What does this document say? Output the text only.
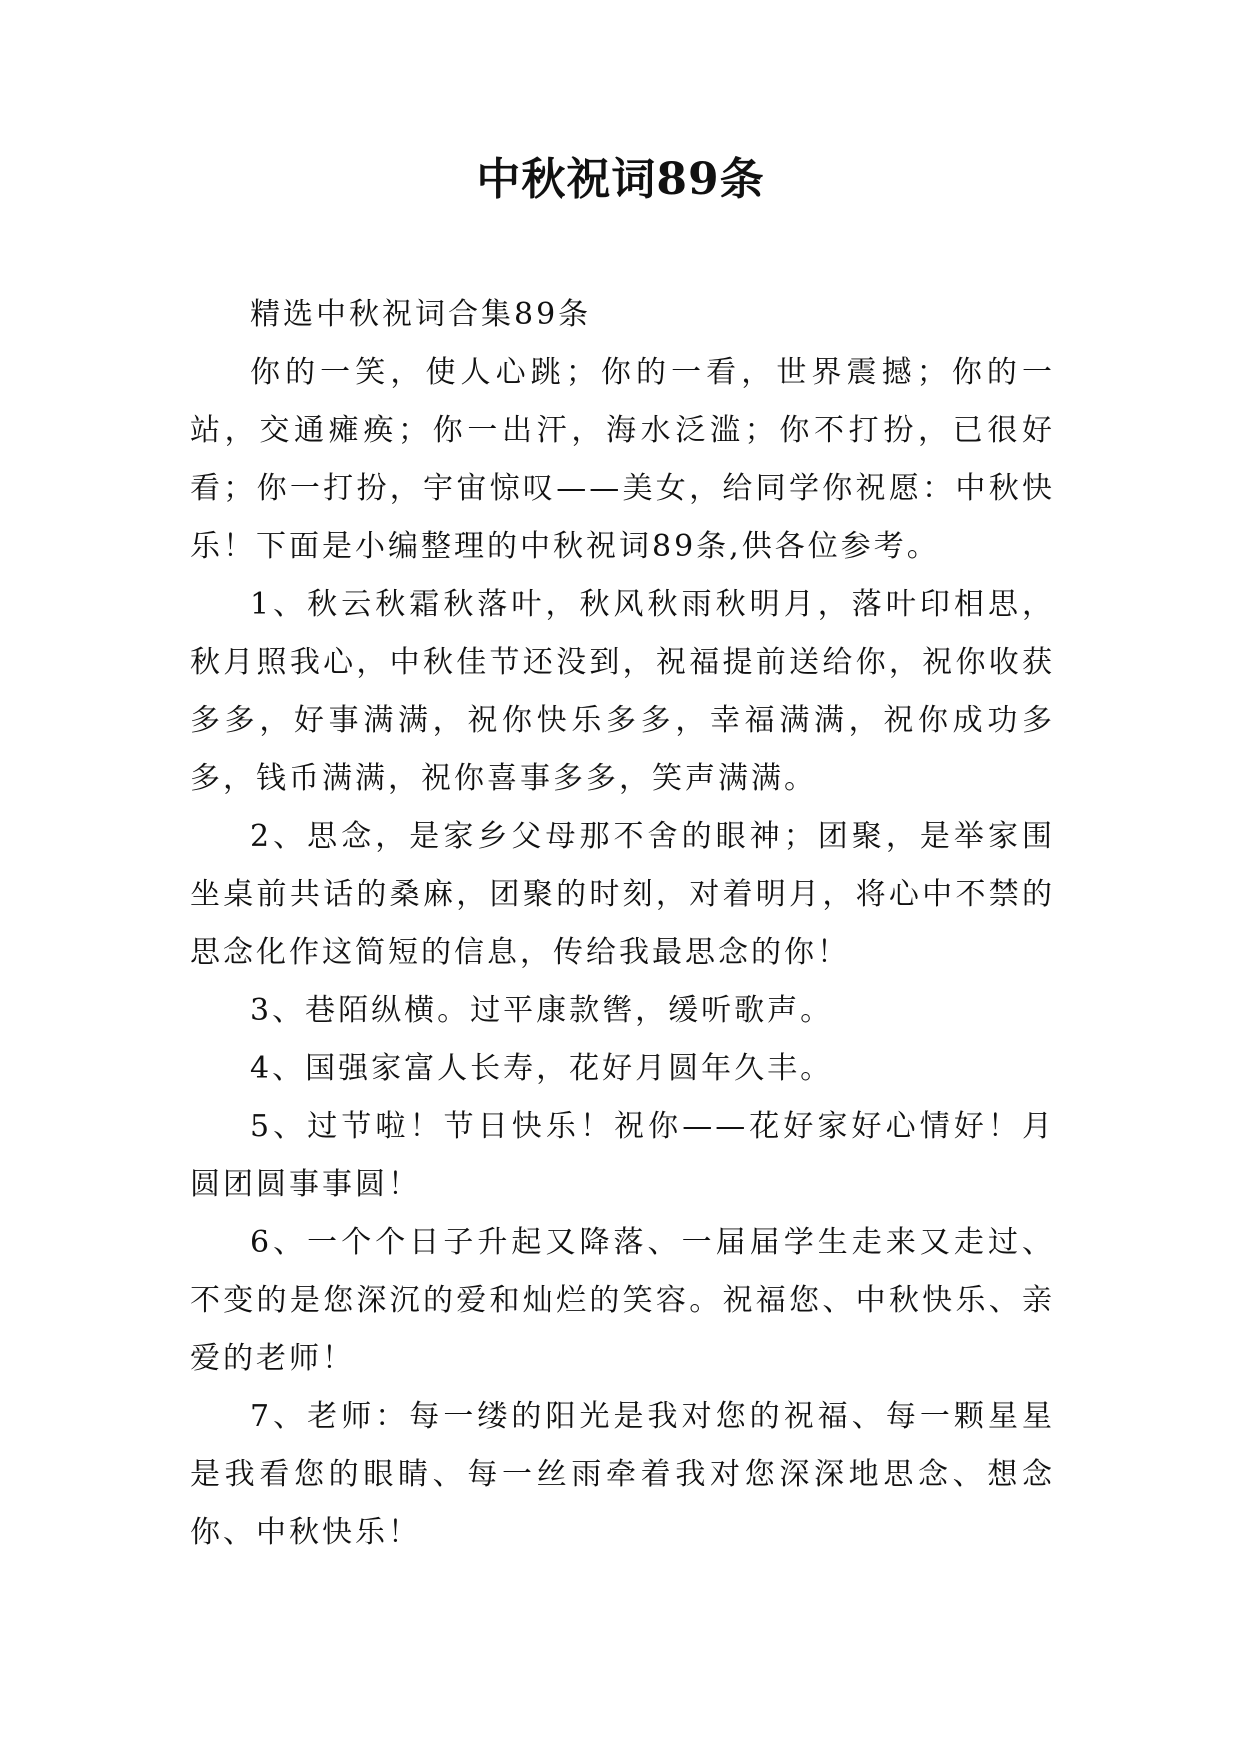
中秋祝词89条

精选中秋祝词合集89条

你的一笑，使人心跳；你的一看，世界震撼；你的一站，交通瘫痪；你一出汗，海水泛滥；你不打扮，已很好看；你一打扮，宇宙惊叹——美女，给同学你祝愿：中秋快乐！下面是小编整理的中秋祝词89条,供各位参考。

1、秋云秋霜秋落叶，秋风秋雨秋明月，落叶印相思，秋月照我心，中秋佳节还没到，祝福提前送给你，祝你收获多多，好事满满，祝你快乐多多，幸福满满，祝你成功多多，钱币满满，祝你喜事多多，笑声满满。

2、思念，是家乡父母那不舍的眼神；团聚，是举家围坐桌前共话的桑麻，团聚的时刻，对着明月，将心中不禁的思念化作这简短的信息，传给我最思念的你！

3、巷陌纵横。过平康款辔，缓听歌声。

4、国强家富人长寿，花好月圆年久丰。

5、过节啦！节日快乐！祝你——花好家好心情好！月圆团圆事事圆！

6、一个个日子升起又降落、一届届学生走来又走过、不变的是您深沉的爱和灿烂的笑容。祝福您、中秋快乐、亲爱的老师！

7、老师：每一缕的阳光是我对您的祝福、每一颗星星是我看您的眼睛、每一丝雨牵着我对您深深地思念、想念你、中秋快乐！
